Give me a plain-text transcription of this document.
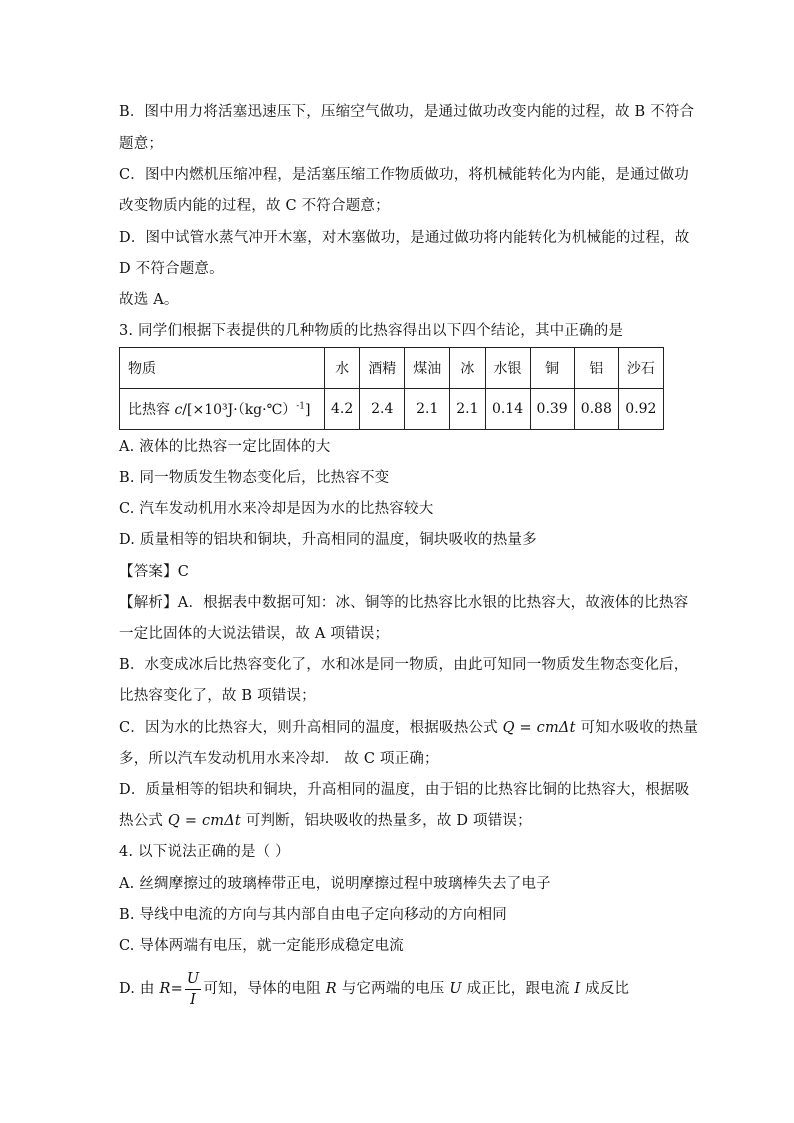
B．图中用力将活塞迅速压下，压缩空气做功，是通过做功改变内能的过程，故 B 不符合
题意；
C．图中内燃机压缩冲程，是活塞压缩工作物质做功，将机械能转化为内能，是通过做功
改变物质内能的过程，故 C 不符合题意；
D．图中试管水蒸气冲开木塞，对木塞做功，是通过做功将内能转化为机械能的过程，故
D 不符合题意。
故选 A。
3. 同学们根据下表提供的几种物质的比热容得出以下四个结论，其中正确的是
物质	水	酒精	煤油	冰	水银	铜	铝	沙石
比热容 c/[×10³J·（kg·℃）$^{-1}$]	4.2	2.4	2.1	2.1	0.14	0.39	0.88	0.92
A. 液体的比热容一定比固体的大
B. 同一物质发生物态变化后，比热容不变
C. 汽车发动机用水来冷却是因为水的比热容较大
D. 质量相等的铝块和铜块，升高相同的温度，铜块吸收的热量多
【答案】C
【解析】A．根据表中数据可知：冰、铜等的比热容比水银的比热容大，故液体的比热容
一定比固体的大说法错误，故 A 项错误；
B．水变成冰后比热容变化了，水和冰是同一物质，由此可知同一物质发生物态变化后，
比热容变化了，故 B 项错误；
C．因为水的比热容大，则升高相同的温度，根据吸热公式 Q = cmΔt 可知水吸收的热量
多，所以汽车发动机用水来冷却． 故 C 项正确；
D．质量相等的铝块和铜块，升高相同的温度，由于铝的比热容比铜的比热容大，根据吸
热公式 Q = cmΔt 可判断，铝块吸收的热量多，故 D 项错误；
4. 以下说法正确的是（ ）
A. 丝绸摩擦过的玻璃棒带正电，说明摩擦过程中玻璃棒失去了电子
B. 导线中电流的方向与其内部自由电子定向移动的方向相同
C. 导体两端有电压，就一定能形成稳定电流
D. 由 $R= \frac{U}{I}$ 可知，导体的电阻 R 与它两端的电压 U 成正比，跟电流 I 成反比
